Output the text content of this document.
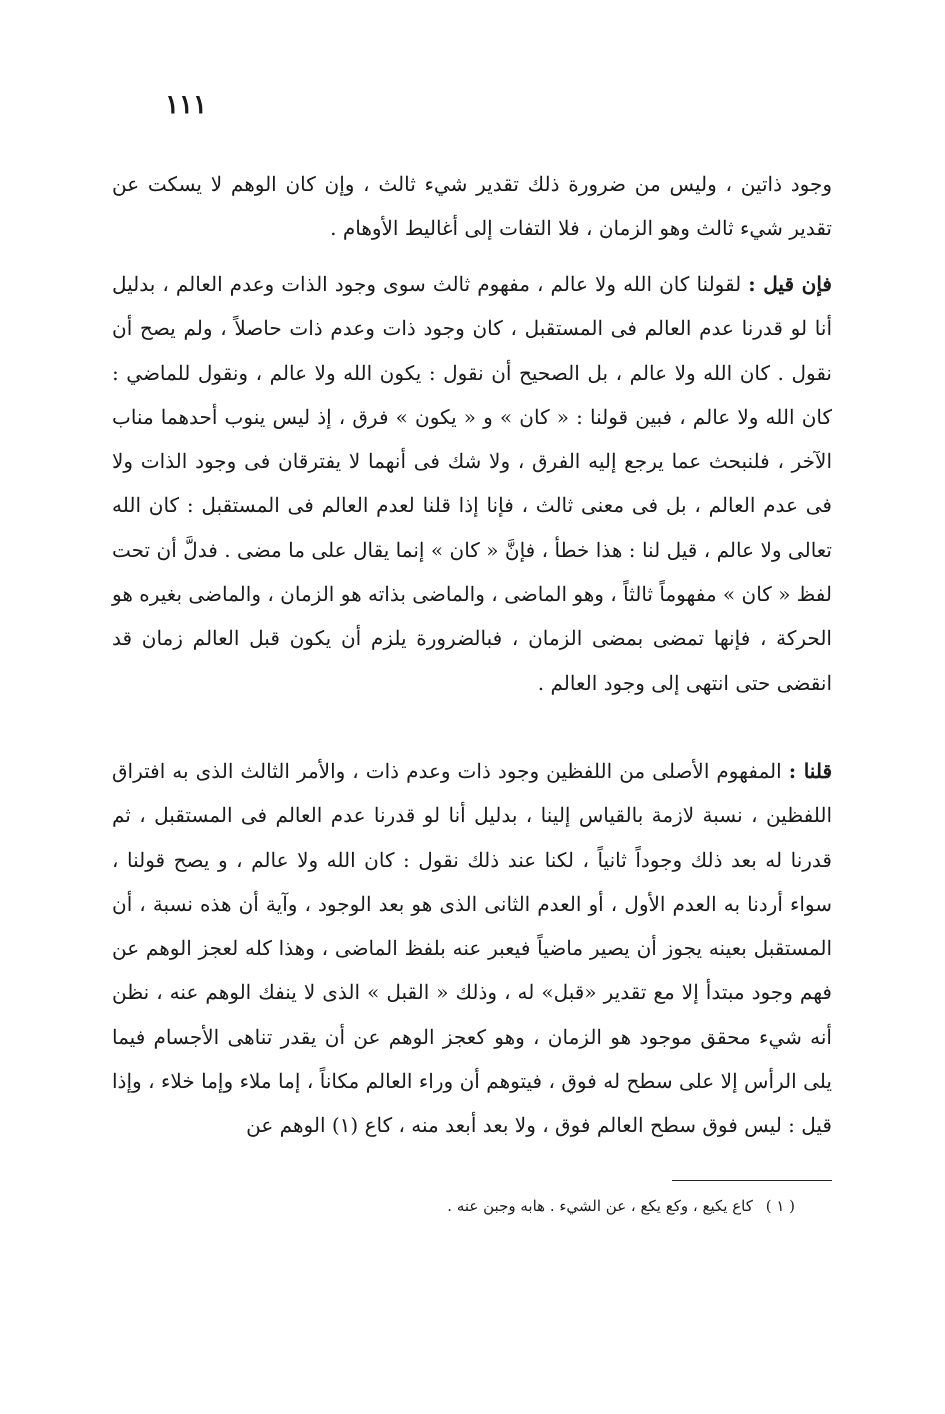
١١١

وجود ذاتين ، وليس من ضرورة ذلك تقدير شيء ثالث ، وإن كان الوهم لا يسكت عن تقدير شيء ثالث وهو الزمان ، فلا التفات إلى أغاليط الأوهام .

فإن قيل : لقولنا كان الله ولا عالم ، مفهوم ثالث سوى وجود الذات وعدم العالم ، بدليل أنا لو قدرنا عدم العالم فى المستقبل ، كان وجود ذات وعدم ذات حاصلاً ، ولم يصح أن نقول . كان الله ولا عالم ، بل الصحيح أن نقول : يكون الله ولا عالم ، ونقول للماضي : كان الله ولا عالم ، فبين قولنا : « كان » و « يكون » فرق ، إذ ليس ينوب أحدهما مناب الآخر ، فلنبحث عما يرجع إليه الفرق ، ولا شك فى أنهما لا يفترقان فى وجود الذات ولا فى عدم العالم ، بل فى معنى ثالث ، فإنا إذا قلنا لعدم العالم فى المستقبل : كان الله تعالى ولا عالم ، قيل لنا : هذا خطأ ، فإنَّ « كان » إنما يقال على ما مضى . فدلَّ أن تحت لفظ « كان » مفهوماً ثالثاً ، وهو الماضى ، والماضى بذاته هو الزمان ، والماضى بغيره هو الحركة ، فإنها تمضى بمضى الزمان ، فبالضرورة يلزم أن يكون قبل العالم زمان قد انقضى حتى انتهى إلى وجود العالم .

قلنا : المفهوم الأصلى من اللفظين وجود ذات وعدم ذات ، والأمر الثالث الذى به افتراق اللفظين ، نسبة لازمة بالقياس إلينا ، بدليل أنا لو قدرنا عدم العالم فى المستقبل ، ثم قدرنا له بعد ذلك وجوداً ثانياً ، لكنا عند ذلك نقول : كان الله ولا عالم ، و يصح قولنا ، سواء أردنا به العدم الأول ، أو العدم الثانى الذى هو بعد الوجود ، وآية أن هذه نسبة ، أن المستقبل بعينه يجوز أن يصير ماضياً فيعبر عنه بلفظ الماضى ، وهذا كله لعجز الوهم عن فهم وجود مبتدأ إلا مع تقدير «قبل» له ، وذلك « القبل » الذى لا ينفك الوهم عنه ، نظن أنه شيء محقق موجود هو الزمان ، وهو كعجز الوهم عن أن يقدر تناهى الأجسام فيما يلى الرأس إلا على سطح له فوق ، فيتوهم أن وراء العالم مكاناً ، إما ملاء وإما خلاء ، وإذا قيل : ليس فوق سطح العالم فوق ، ولا بعد أبعد منه ، كاع (١) الوهم عن

( ١ ) كاع يكيع ، وكع يكع ، عن الشيء . هابه وجبن عنه .
